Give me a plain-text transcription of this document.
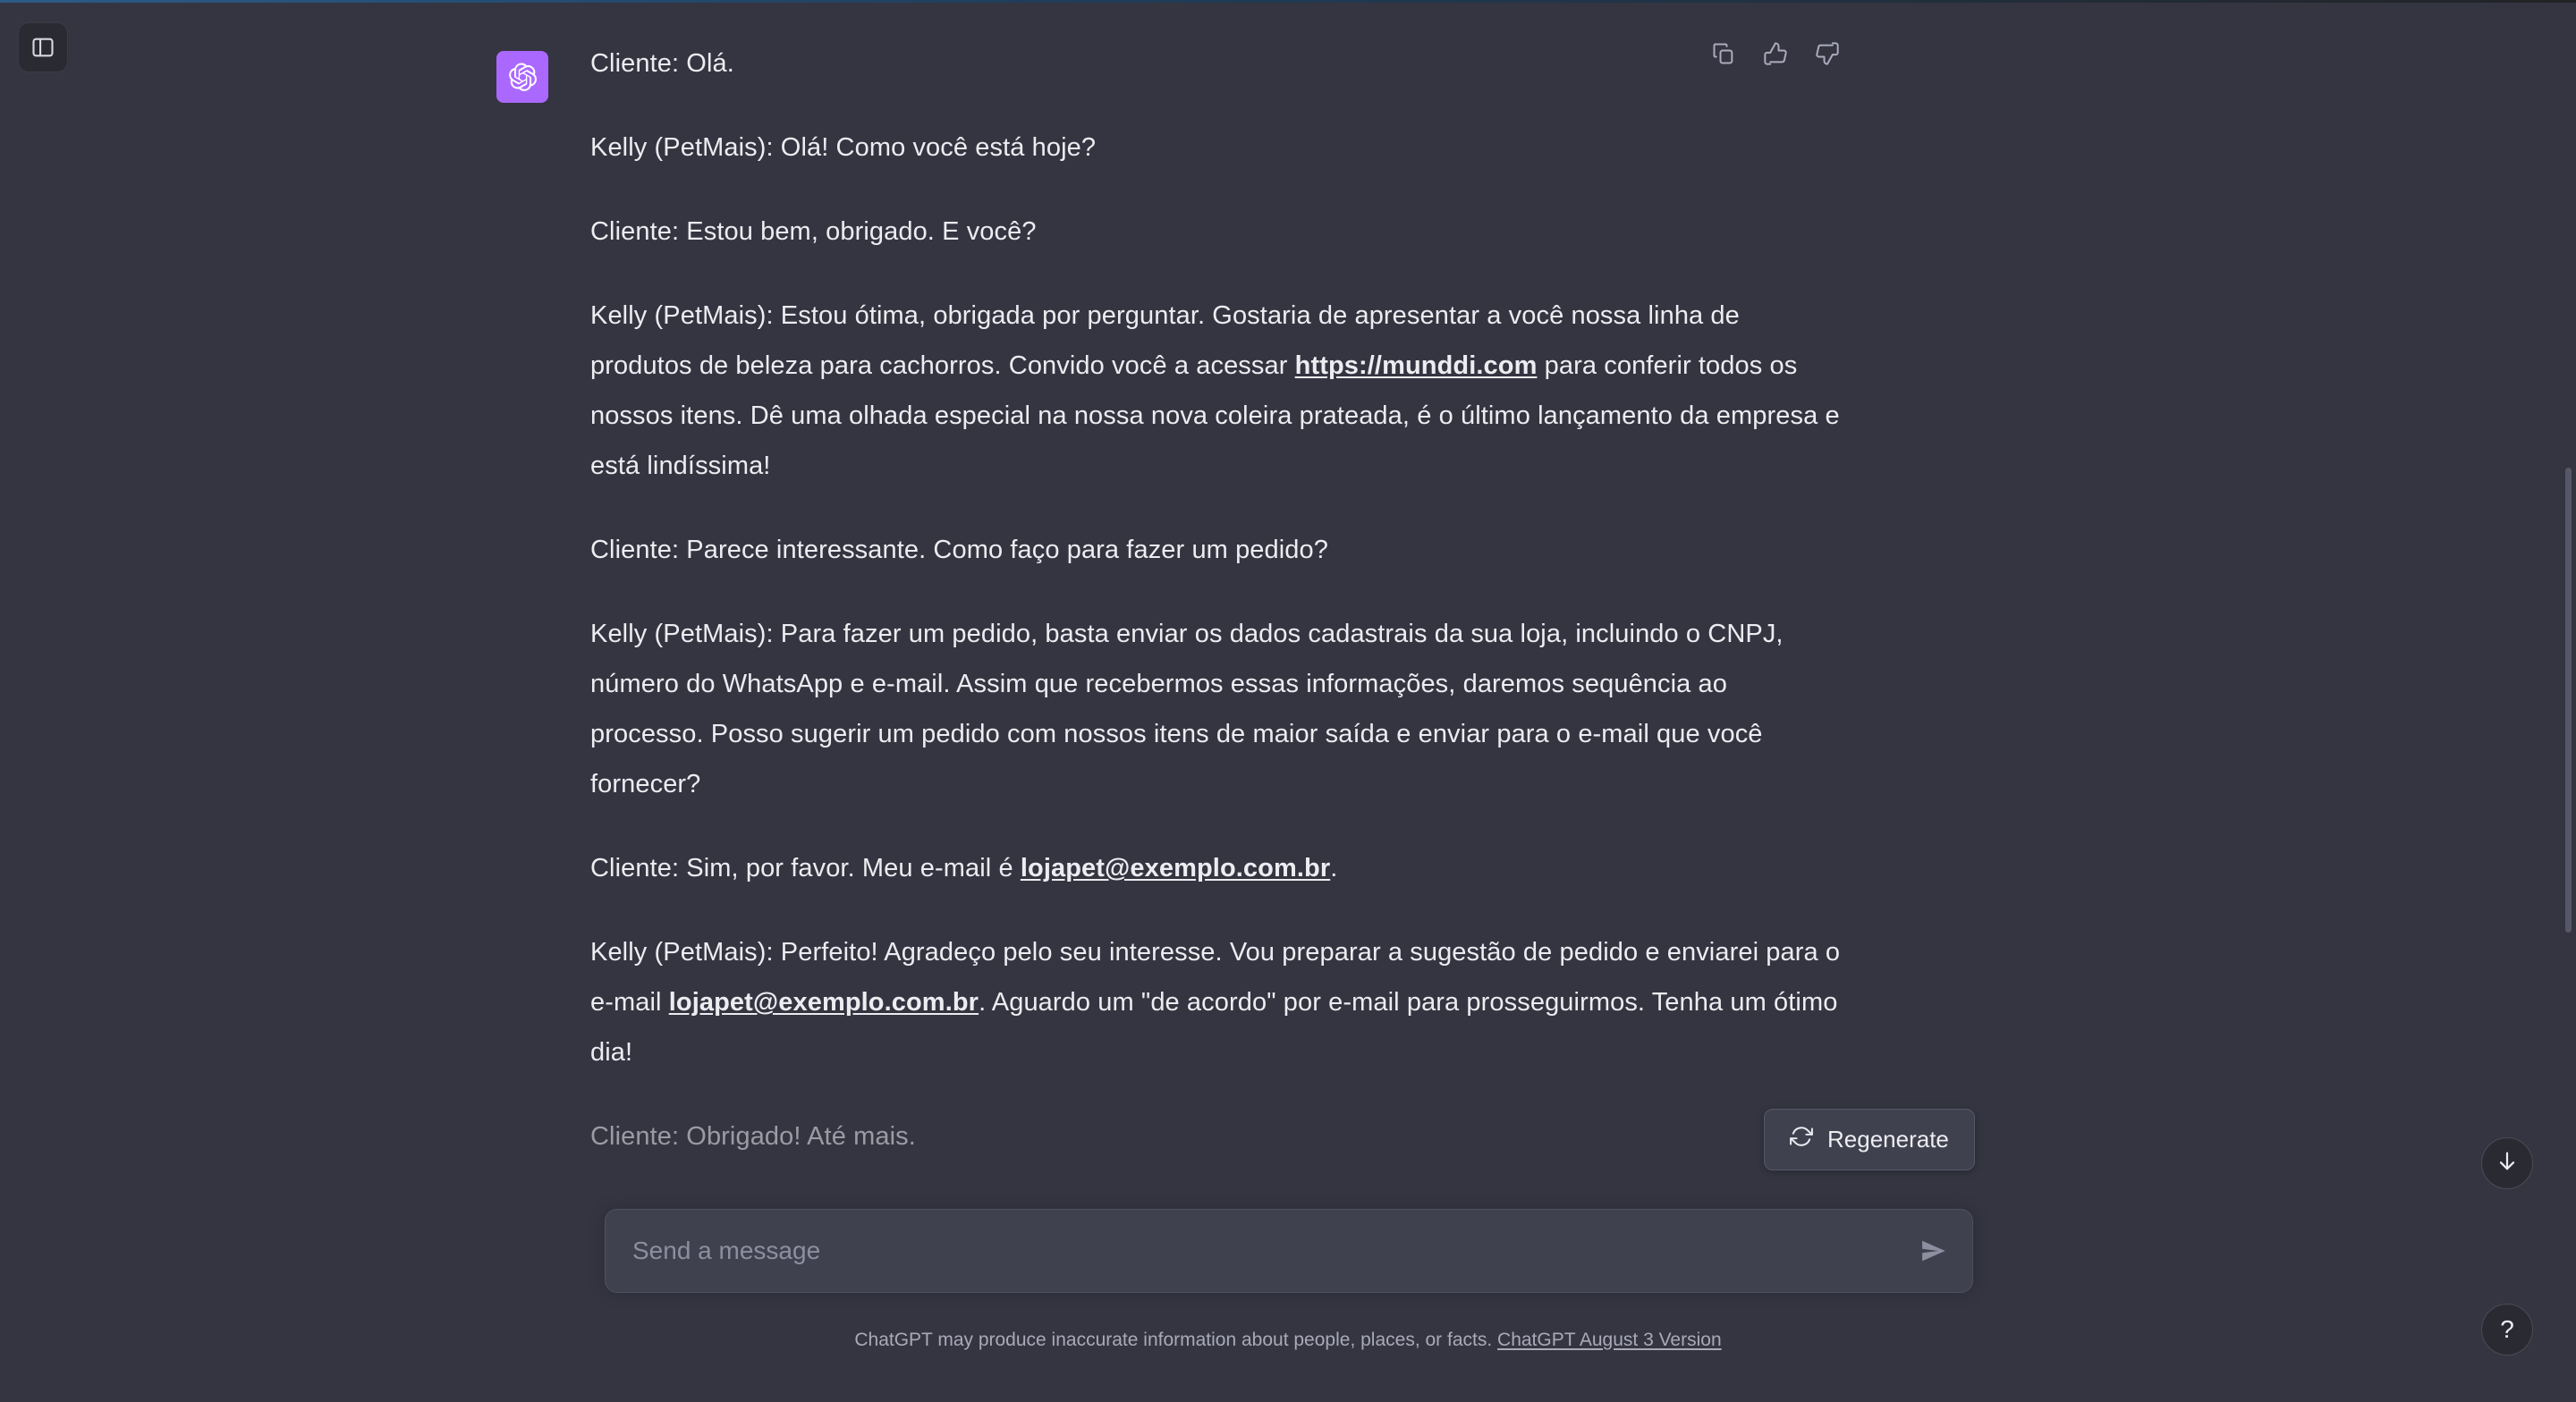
Cliente: Olá.

Kelly (PetMais): Olá! Como você está hoje?

Cliente: Estou bem, obrigado. E você?

Kelly (PetMais): Estou ótima, obrigada por perguntar. Gostaria de apresentar a você nossa linha de produtos de beleza para cachorros. Convido você a acessar https://munddi.com para conferir todos os nossos itens. Dê uma olhada especial na nossa nova coleira prateada, é o último lançamento da empresa e está lindíssima!

Cliente: Parece interessante. Como faço para fazer um pedido?

Kelly (PetMais): Para fazer um pedido, basta enviar os dados cadastrais da sua loja, incluindo o CNPJ, número do WhatsApp e e-mail. Assim que recebermos essas informações, daremos sequência ao processo. Posso sugerir um pedido com nossos itens de maior saída e enviar para o e-mail que você fornecer?

Cliente: Sim, por favor. Meu e-mail é lojapet@exemplo.com.br.

Kelly (PetMais): Perfeito! Agradeço pelo seu interesse. Vou preparar a sugestão de pedido e enviarei para o e-mail lojapet@exemplo.com.br. Aguardo um "de acordo" por e-mail para prosseguirmos. Tenha um ótimo dia!

Cliente: Obrigado! Até mais.	Regenerate
Send a message
?
ChatGPT may produce inaccurate information about people, places, or facts. ChatGPT August 3 Version
